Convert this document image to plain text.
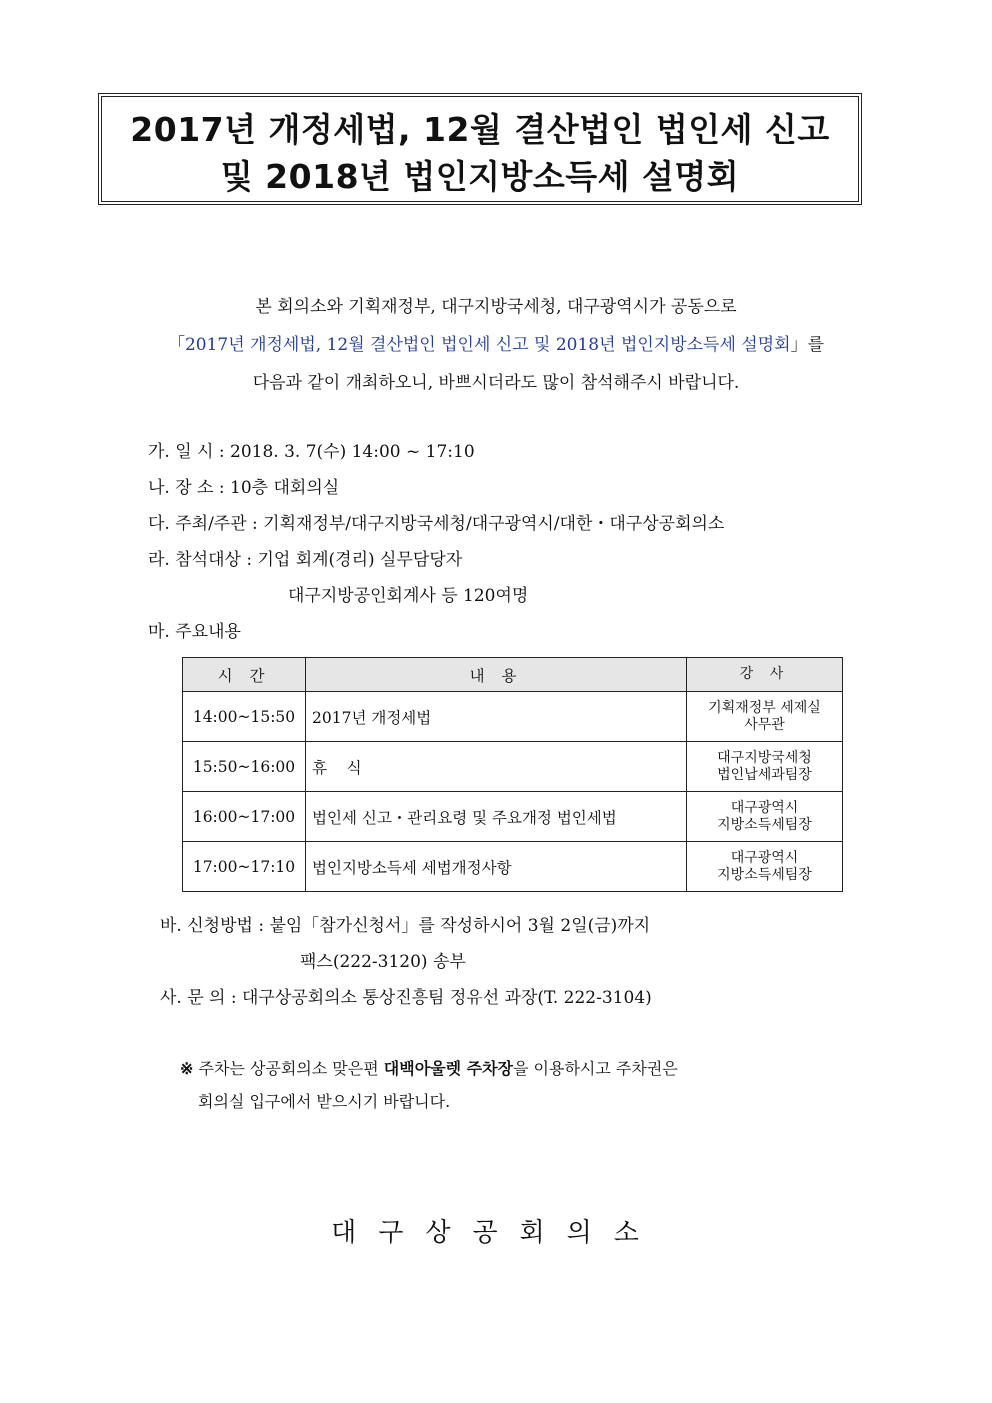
2017년 개정세법, 12월 결산법인 법인세 신고
및 2018년 법인지방소득세 설명회
본 회의소와 기획재정부, 대구지방국세청, 대구광역시가 공동으로
「2017년 개정세법, 12월 결산법인 법인세 신고 및 2018년 법인지방소득세 설명회」를
다음과 같이 개최하오니, 바쁘시더라도 많이 참석해주시 바랍니다.
가. 일 시 : 2018. 3. 7(수) 14:00 ~ 17:10
나. 장 소 : 10층 대회의실
다. 주최/주관 : 기획재정부/대구지방국세청/대구광역시/대한・대구상공회의소
라. 참석대상 : 기업 회계(경리) 실무담당자
대구지방공인회계사 등 120여명
마. 주요내용
시 간	내 용	강 사
14:00~15:50	2017년 개정세법	기획재정부 세제실
사무관
15:50~16:00	휴    식	대구지방국세청
법인납세과팀장
16:00~17:00	법인세 신고・관리요령 및 주요개정 법인세법	대구광역시
지방소득세팀장
17:00~17:10	법인지방소득세 세법개정사항	대구광역시
지방소득세팀장
바. 신청방법 : 붙임「참가신청서」를 작성하시어 3월 2일(금)까지
팩스(222-3120) 송부
사. 문 의 : 대구상공회의소 통상진흥팀 정유선 과장(T. 222-3104)
※ 주차는 상공회의소 맞은편 대백아울렛 주차장을 이용하시고 주차권은
회의실 입구에서 받으시기 바랍니다.
대구상공회의소
